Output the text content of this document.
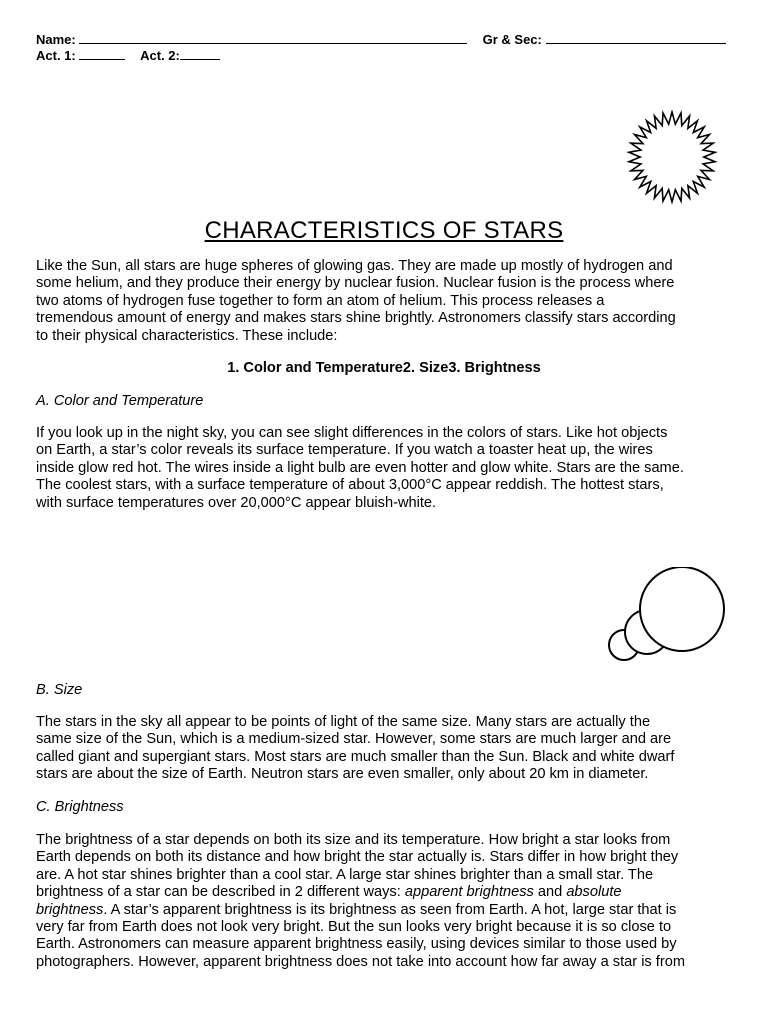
Name:	Gr & Sec:
Act. 1:	Act. 2:
CHARACTERISTICS OF STARS
Like the Sun, all stars are huge spheres of glowing gas. They are made up mostly of hydrogen and
some helium, and they produce their energy by nuclear fusion. Nuclear fusion is the process where
two atoms of hydrogen fuse together to form an atom of helium. This process releases a
tremendous amount of energy and makes stars shine brightly. Astronomers classify stars according
to their physical characteristics. These include:
1. Color and Temperature2. Size3. Brightness
A. Color and Temperature
If you look up in the night sky, you can see slight differences in the colors of stars. Like hot objects
on Earth, a star’s color reveals its surface temperature. If you watch a toaster heat up, the wires
inside glow red hot. The wires inside a light bulb are even hotter and glow white. Stars are the same.
The coolest stars, with a surface temperature of about 3,000°C appear reddish. The hottest stars,
with surface temperatures over 20,000°C appear bluish-white.
B. Size
The stars in the sky all appear to be points of light of the same size. Many stars are actually the
same size of the Sun, which is a medium-sized star. However, some stars are much larger and are
called giant and supergiant stars. Most stars are much smaller than the Sun. Black and white dwarf
stars are about the size of Earth. Neutron stars are even smaller, only about 20 km in diameter.
C. Brightness
The brightness of a star depends on both its size and its temperature. How bright a star looks from
Earth depends on both its distance and how bright the star actually is. Stars differ in how bright they
are. A hot star shines brighter than a cool star. A large star shines brighter than a small star. The
brightness of a star can be described in 2 different ways: apparent brightness and absolute
brightness. A star’s apparent brightness is its brightness as seen from Earth. A hot, large star that is
very far from Earth does not look very bright. But the sun looks very bright because it is so close to
Earth. Astronomers can measure apparent brightness easily, using devices similar to those used by
photographers. However, apparent brightness does not take into account how far away a star is from
